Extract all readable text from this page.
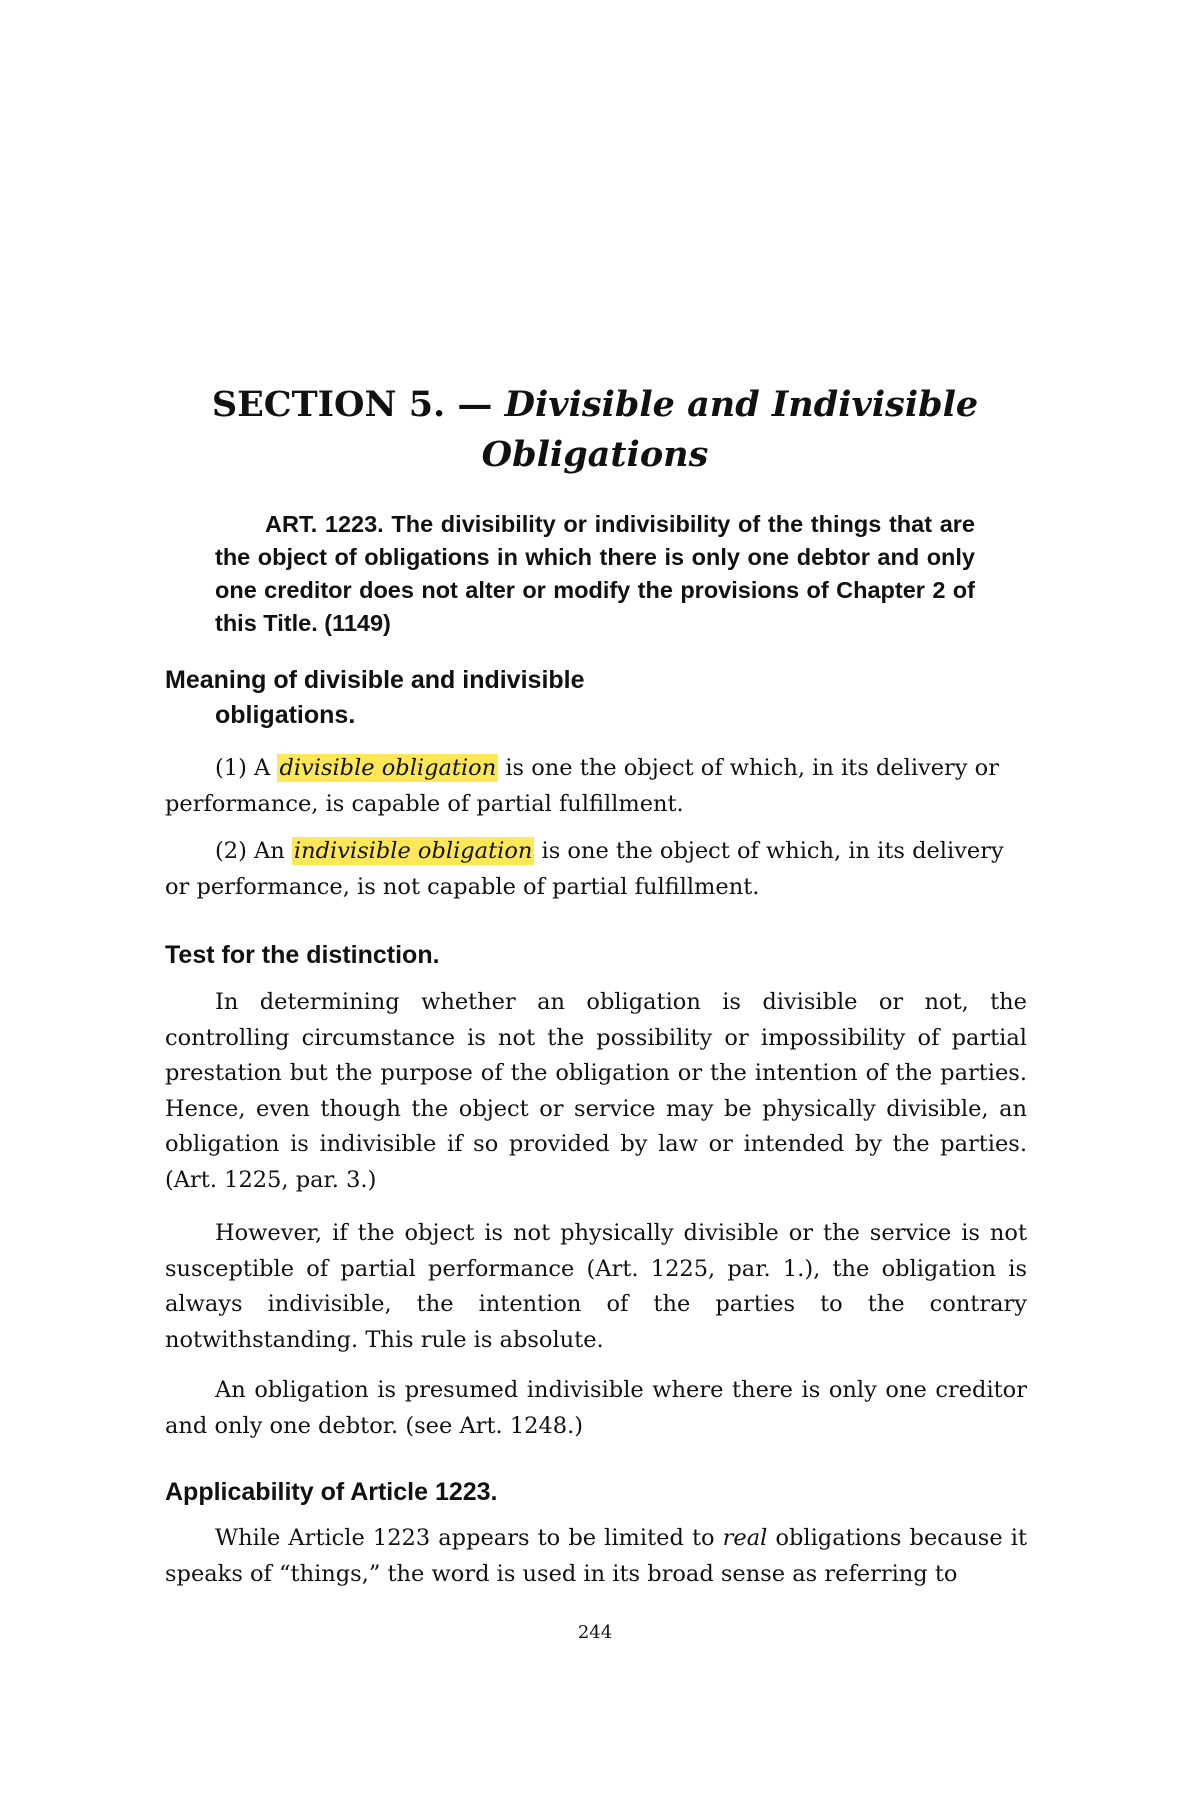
SECTION 5. — Divisible and Indivisible
Obligations

ART. 1223. The divisibility or indivisibility of the things that are the object of obligations in which there is only one debtor and only one creditor does not alter or modify the provisions of Chapter 2 of this Title. (1149)

Meaning of divisible and indivisible
obligations.

(1) A divisible obligation is one the object of which, in its delivery or performance, is capable of partial fulfillment.

(2) An indivisible obligation is one the object of which, in its delivery or performance, is not capable of partial fulfillment.

Test for the distinction.

In determining whether an obligation is divisible or not, the controlling circumstance is not the possibility or impossibility of partial prestation but the purpose of the obligation or the intention of the parties. Hence, even though the object or service may be physically divisible, an obligation is indivisible if so provided by law or intended by the parties. (Art. 1225, par. 3.)

However, if the object is not physically divisible or the service is not susceptible of partial performance (Art. 1225, par. 1.), the obligation is always indivisible, the intention of the parties to the contrary notwithstanding. This rule is absolute.

An obligation is presumed indivisible where there is only one creditor and only one debtor. (see Art. 1248.)

Applicability of Article 1223.

While Article 1223 appears to be limited to real obligations because it speaks of “things,” the word is used in its broad sense as referring to

244
